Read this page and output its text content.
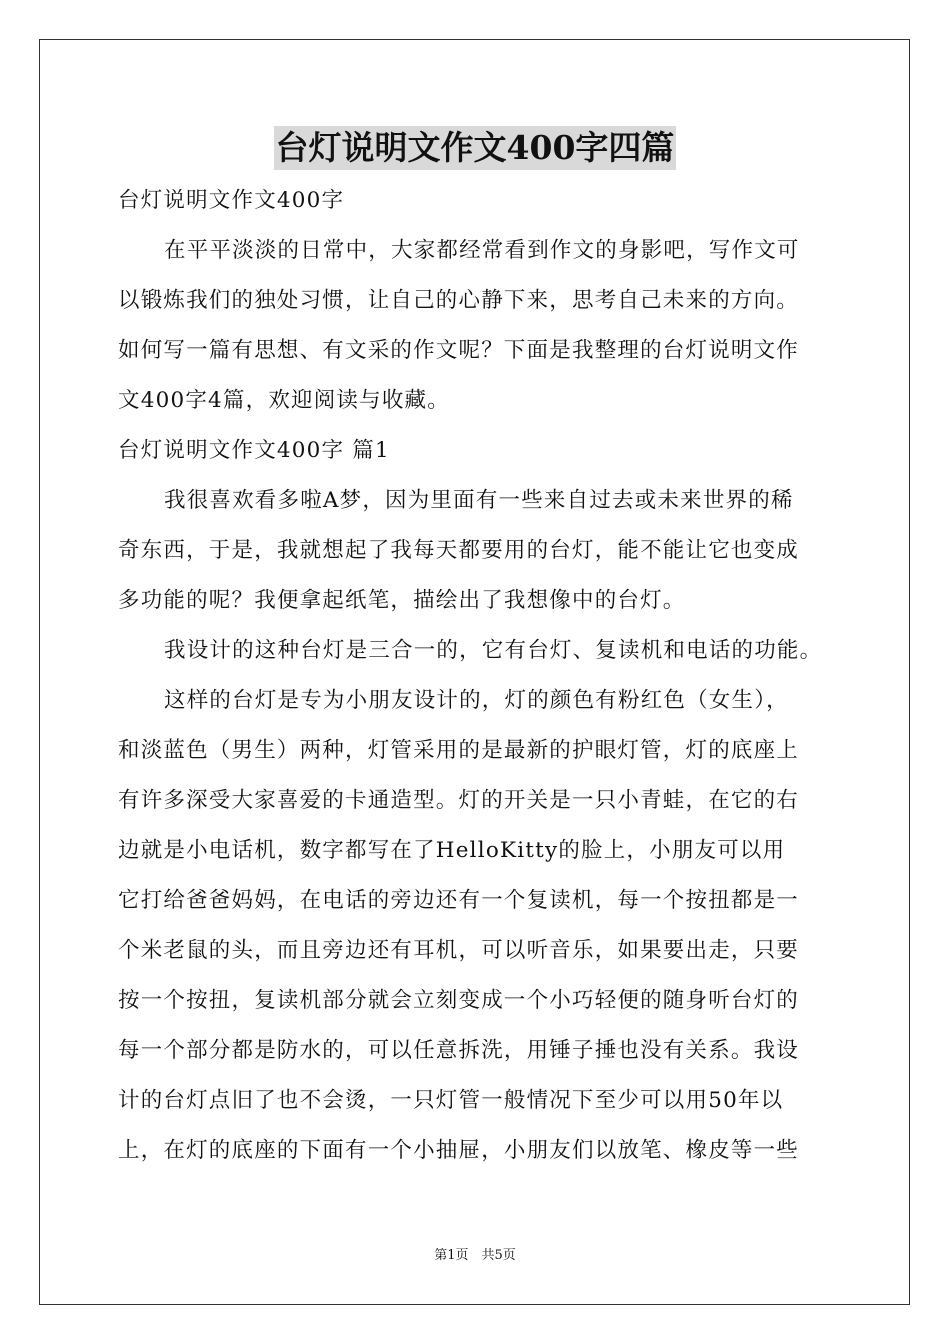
台灯说明文作文400字四篇
台灯说明文作文400字
在平平淡淡的日常中，大家都经常看到作文的身影吧，写作文可
以锻炼我们的独处习惯，让自己的心静下来，思考自己未来的方向。
如何写一篇有思想、有文采的作文呢？下面是我整理的台灯说明文作
文400字4篇，欢迎阅读与收藏。
台灯说明文作文400字 篇1
我很喜欢看多啦A梦，因为里面有一些来自过去或未来世界的稀
奇东西，于是，我就想起了我每天都要用的台灯，能不能让它也变成
多功能的呢？我便拿起纸笔，描绘出了我想像中的台灯。
我设计的这种台灯是三合一的，它有台灯、复读机和电话的功能。
这样的台灯是专为小朋友设计的，灯的颜色有粉红色（女生），
和淡蓝色（男生）两种，灯管采用的是最新的护眼灯管，灯的底座上
有许多深受大家喜爱的卡通造型。灯的开关是一只小青蛙，在它的右
边就是小电话机，数字都写在了HelloKitty的脸上，小朋友可以用
它打给爸爸妈妈，在电话的旁边还有一个复读机，每一个按扭都是一
个米老鼠的头，而且旁边还有耳机，可以听音乐，如果要出走，只要
按一个按扭，复读机部分就会立刻变成一个小巧轻便的随身听台灯的
每一个部分都是防水的，可以任意拆洗，用锤子捶也没有关系。我设
计的台灯点旧了也不会烫，一只灯管一般情况下至少可以用50年以
上，在灯的底座的下面有一个小抽屉，小朋友们以放笔、橡皮等一些
第1页　共5页
